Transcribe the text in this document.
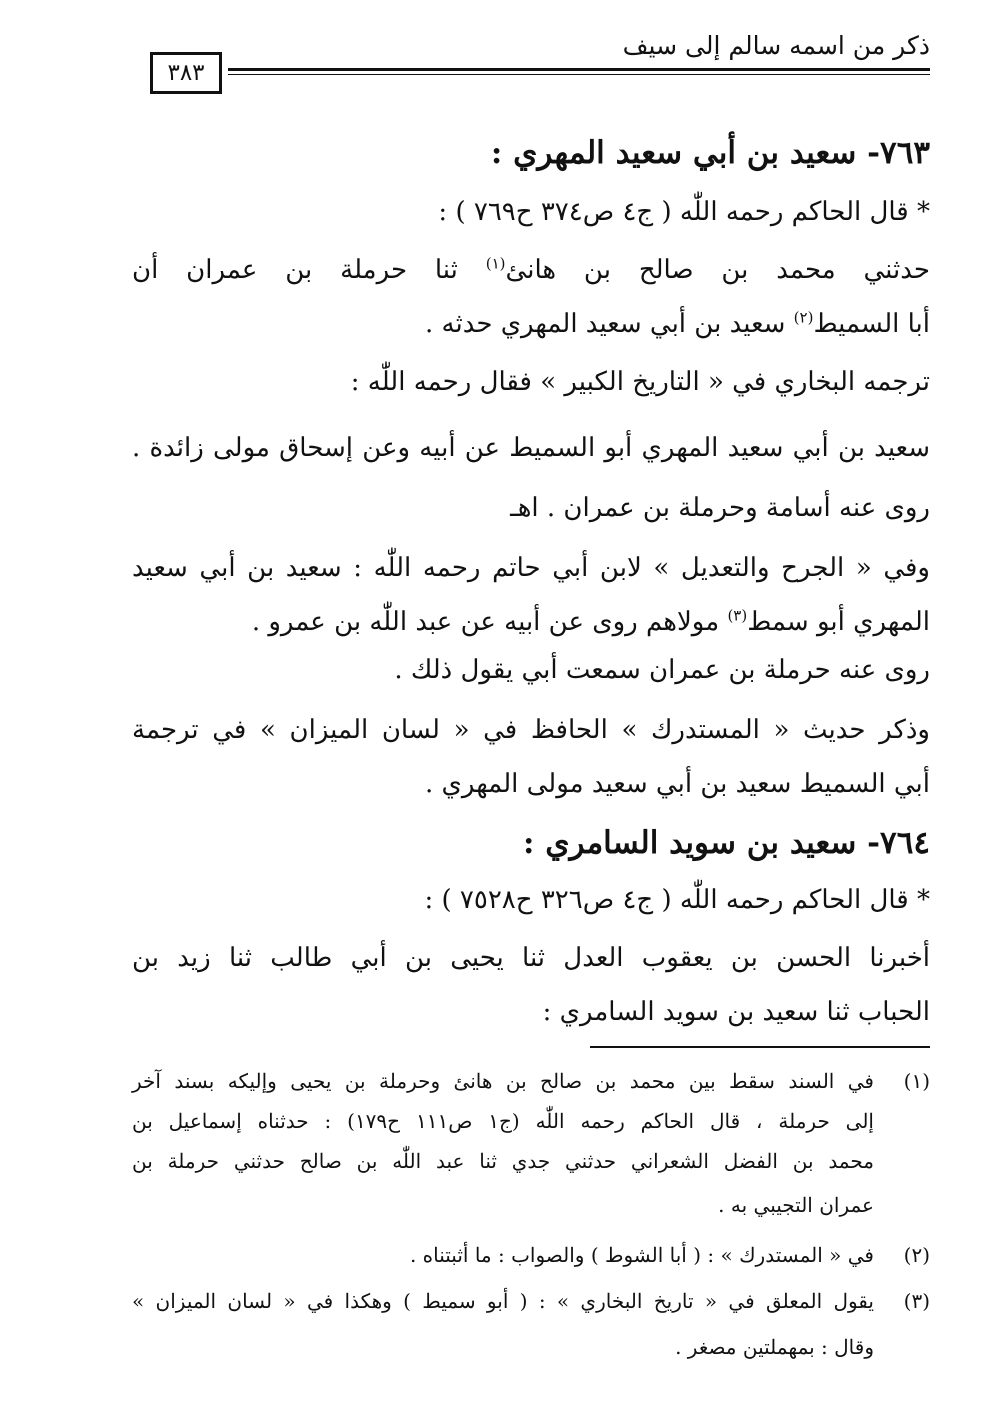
ذكر من اسمه سالم إلى سيف
٣٨٣
٧٦٣- سعيد بن أبي سعيد المهري :
* قال الحاكم رحمه اللّٰه ( ج٤ ص٣٧٤ ح٧٦٩ ) :
حدثني محمد بن صالح بن هانئ$^{(١)}$ ثنا حرملة بن عمران أن
أبا السميط$^{(٢)}$ سعيد بن أبي سعيد المهري حدثه .
ترجمه البخاري في « التاريخ الكبير » فقال رحمه اللّٰه :
سعيد بن أبي سعيد المهري أبو السميط عن أبيه وعن إسحاق مولى زائدة .
روى عنه أسامة وحرملة بن عمران . اهـ
وفي « الجرح والتعديل » لابن أبي حاتم رحمه اللّٰه : سعيد بن أبي سعيد
المهري أبو سمط$^{(٣)}$ مولاهم روى عن أبيه عن عبد اللّٰه بن عمرو .
روى عنه حرملة بن عمران سمعت أبي يقول ذلك .
وذكر حديث « المستدرك » الحافظ في « لسان الميزان » في ترجمة
أبي السميط سعيد بن أبي سعيد مولى المهري .
٧٦٤- سعيد بن سويد السامري :
* قال الحاكم رحمه اللّٰه ( ج٤ ص٣٢٦ ح٧٥٢٨ ) :
أخبرنا الحسن بن يعقوب العدل ثنا يحيى بن أبي طالب ثنا زيد بن
الحباب ثنا سعيد بن سويد السامري :
(١)
في السند سقط بين محمد بن صالح بن هانئ وحرملة بن يحيى وإليكه بسند آخر
إلى حرملة ، قال الحاكم رحمه اللّٰه (ج١ ص١١١ ح١٧٩) : حدثناه إسماعيل بن
محمد بن الفضل الشعراني حدثني جدي ثنا عبد اللّٰه بن صالح حدثني حرملة بن
عمران التجيبي به .
(٢)
في « المستدرك » : ( أبا الشوط ) والصواب : ما أثبتناه .
(٣)
يقول المعلق في « تاريخ البخاري » : ( أبو سميط ) وهكذا في « لسان الميزان »
وقال : بمهملتين مصغر .
